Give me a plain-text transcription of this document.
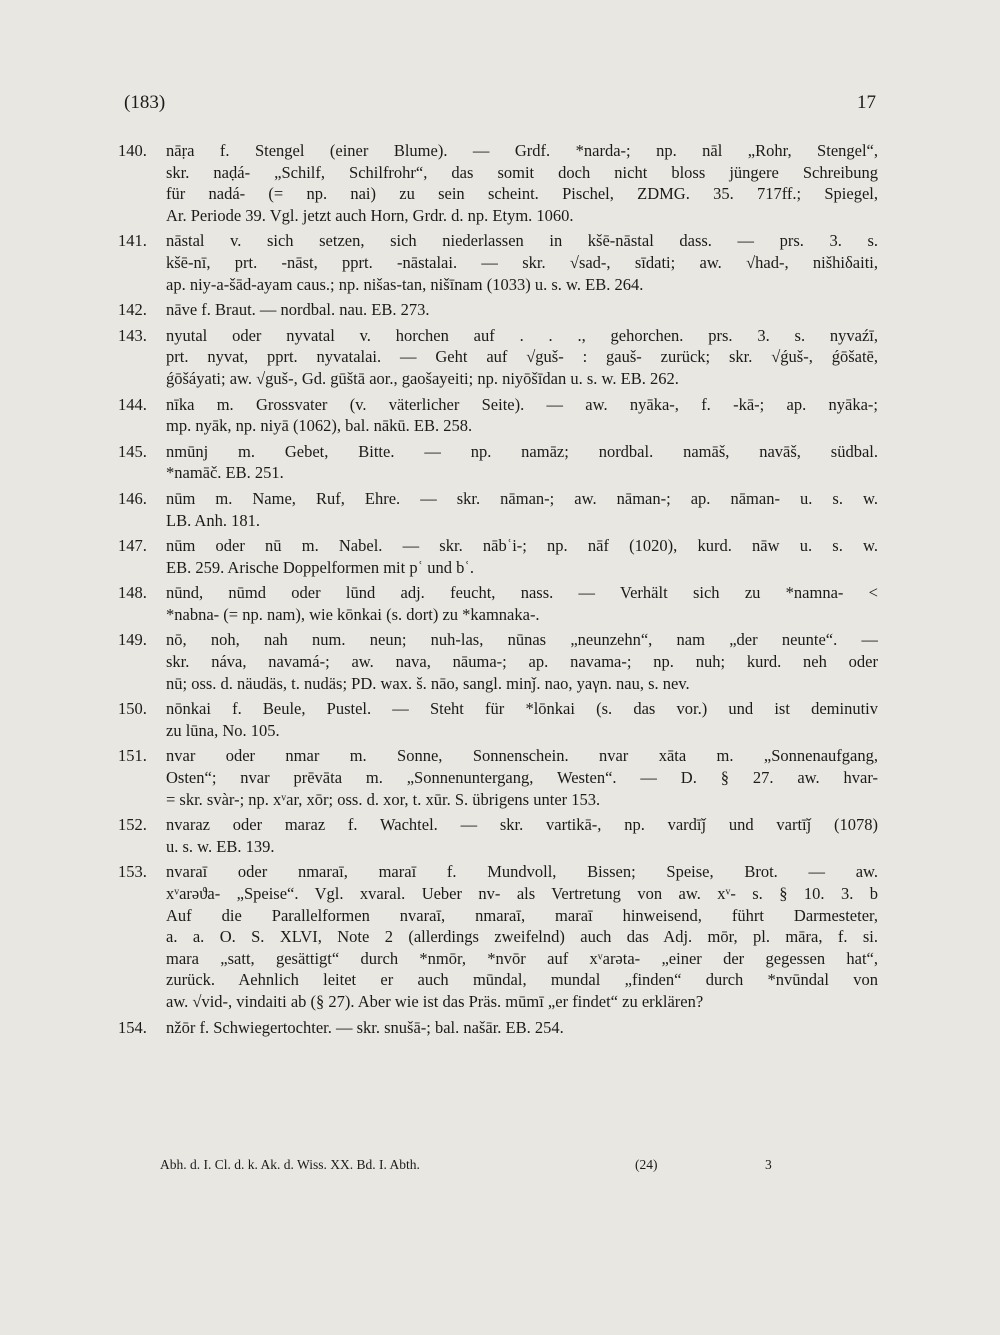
(183)	17
140.	nāṛa f. Stengel (einer Blume). — Grdf. *narda-; np. nāl „Rohr, Stengel“,
skr. naḍá- „Schilf, Schilfrohr“, das somit doch nicht bloss jüngere Schreibung
für nadá- (= np. nai) zu sein scheint. Pischel, ZDMG. 35. 717ff.; Spiegel,
Ar. Periode 39. Vgl. jetzt auch Horn, Grdr. d. np. Etym. 1060.
141.	nāstal v. sich setzen, sich niederlassen in kšē-nāstal dass. — prs. 3. s.
kšē-nī, prt. -nāst, pprt. -nāstalai. — skr. √sad-, sīdati; aw. √had-, nišhiδaiti,
ap. niy-a-šād-ayam caus.; np. nišas-tan, nišīnam (1033) u. s. w. EB. 264.
142.	nāve f. Braut. — nordbal. nau. EB. 273.
143.	nyutal oder nyvatal v. horchen auf . . ., gehorchen. prs. 3. s. nyvaźī,
prt. nyvat, pprt. nyvatalai. — Geht auf √guš- : gauš- zurück; skr. √ǵuš-, ǵōšatē,
ǵōšáyati; aw. √guš-, Gd. gūštā aor., gaošayeiti; np. niyōšīdan u. s. w. EB. 262.
144.	nīka m. Grossvater (v. väterlicher Seite). — aw. nyāka-, f. -kā-; ap. nyāka-;
mp. nyāk, np. niyā (1062), bal. nākū. EB. 258.
145.	nmūnj m. Gebet, Bitte. — np. namāz; nordbal. namāš, navāš, südbal.
*namāč. EB. 251.
146.	nūm m. Name, Ruf, Ehre. — skr. nāman-; aw. nāman-; ap. nāman- u. s. w.
LB. Anh. 181.
147.	nūm oder nū m. Nabel. — skr. nābʿi-; np. nāf (1020), kurd. nāw u. s. w.
EB. 259. Arische Doppelformen mit pʿ und bʿ.
148.	nūnd, nūmd oder lūnd adj. feucht, nass. — Verhält sich zu *namna- <
*nabna- (= np. nam), wie kōnkai (s. dort) zu *kamnaka-.
149.	nō, noh, nah num. neun; nuh-las, nūnas „neunzehn“, nam „der neunte“. —
skr. náva, navamá-; aw. nava, nāuma-; ap. navama-; np. nuh; kurd. neh oder
nū; oss. d. näudäs, t. nudäs; PD. wax. š. nāo, sangl. minǰ. nao, yaγn. nau, s. nev.
150.	nōnkai f. Beule, Pustel. — Steht für *lōnkai (s. das vor.) und ist deminutiv
zu lūna, No. 105.
151.	nvar oder nmar m. Sonne, Sonnenschein. nvar xāta m. „Sonnenaufgang,
Osten“; nvar prēvāta m. „Sonnenuntergang, Westen“. — D. § 27. aw. hvar-
= skr. svàr-; np. xᵛar, xōr; oss. d. xor, t. xūr. S. übrigens unter 153.
152.	nvaraz oder maraz f. Wachtel. — skr. vartikā-, np. vardīǰ und vartīǰ (1078)
u. s. w. EB. 139.
153.	nvaraī oder nmaraī, maraī f. Mundvoll, Bissen; Speise, Brot. — aw.
xᵛarəϑa- „Speise“. Vgl. xvaral. Ueber nv- als Vertretung von aw. xᵛ- s. § 10. 3. b
Auf die Parallelformen nvaraī, nmaraī, maraī hinweisend, führt Darmesteter,
a. a. O. S. XLVI, Note 2 (allerdings zweifelnd) auch das Adj. mōr, pl. māra, f. si.
mara „satt, gesättigt“ durch *nmōr, *nvōr auf xᵛarəta- „einer der gegessen hat“,
zurück. Aehnlich leitet er auch mūndal, mundal „finden“ durch *nvūndal von
aw. √vid-, vindaiti ab (§ 27). Aber wie ist das Präs. mūmī „er findet“ zu erklären?
154.	nžōr f. Schwiegertochter. — skr. snušā-; bal. našār. EB. 254.
Abh. d. I. Cl. d. k. Ak. d. Wiss. XX. Bd. I. Abth.	(24)	3
